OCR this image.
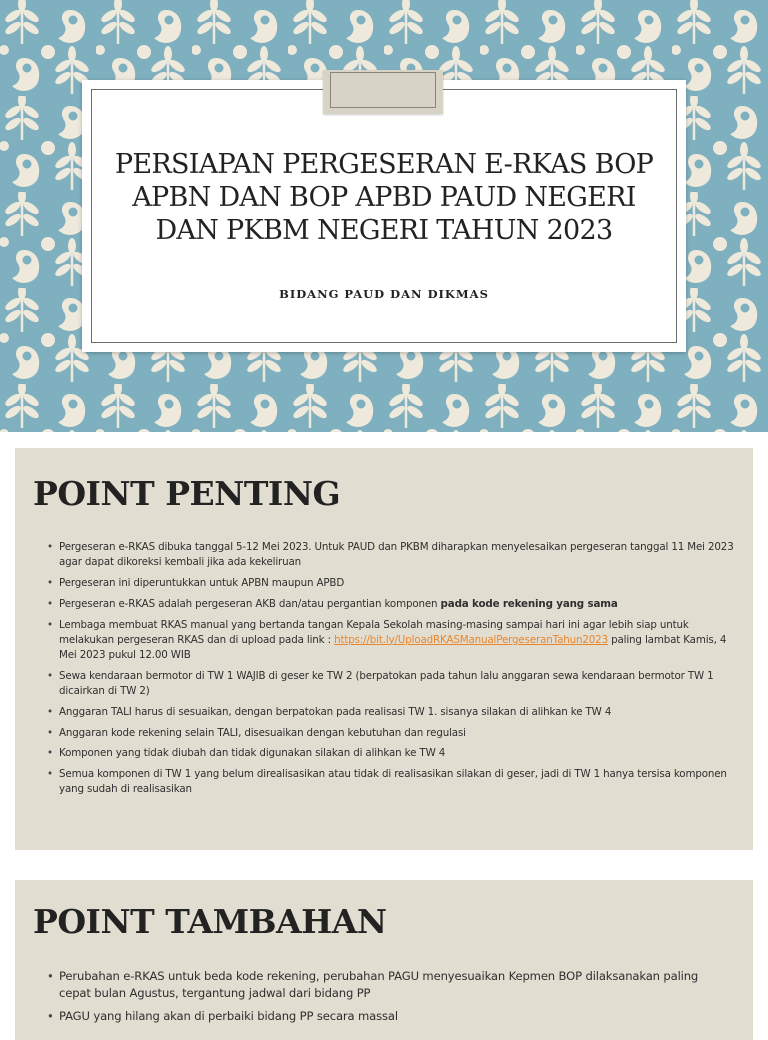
PERSIAPAN PERGESERAN E-RKAS BOP
APBN DAN BOP APBD PAUD NEGERI
DAN PKBM NEGERI TAHUN 2023
BIDANG PAUD DAN DIKMAS
POINT PENTING
• Pergeseran e-RKAS dibuka tanggal 5-12 Mei 2023. Untuk PAUD dan PKBM diharapkan menyelesaikan pergeseran tanggal 11 Mei 2023 agar dapat dikoreksi kembali jika ada kekeliruan
• Pergeseran ini diperuntukkan untuk APBN maupun APBD
• Pergeseran e-RKAS adalah pergeseran AKB dan/atau pergantian komponen pada kode rekening yang sama
• Lembaga membuat RKAS manual yang bertanda tangan Kepala Sekolah masing-masing sampai hari ini agar lebih siap untuk melakukan pergeseran RKAS dan di upload pada link : https://bit.ly/UploadRKASManualPergeseranTahun2023 paling lambat Kamis, 4 Mei 2023 pukul 12.00 WIB
• Sewa kendaraan bermotor di TW 1 WAJIB di geser ke TW 2 (berpatokan pada tahun lalu anggaran sewa kendaraan bermotor TW 1 dicairkan di TW 2)
• Anggaran TALI harus di sesuaikan, dengan berpatokan pada realisasi TW 1. sisanya silakan di alihkan ke TW 4
• Anggaran kode rekening selain TALI, disesuaikan dengan kebutuhan dan regulasi
• Komponen yang tidak diubah dan tidak digunakan silakan di alihkan ke TW 4
• Semua komponen di TW 1 yang belum direalisasikan atau tidak di realisasikan silakan di geser, jadi di TW 1 hanya tersisa komponen yang sudah di realisasikan
POINT TAMBAHAN
• Perubahan e-RKAS untuk beda kode rekening, perubahan PAGU menyesuaikan Kepmen BOP dilaksanakan paling cepat bulan Agustus, tergantung jadwal dari bidang PP
• PAGU yang hilang akan di perbaiki bidang PP secara massal
